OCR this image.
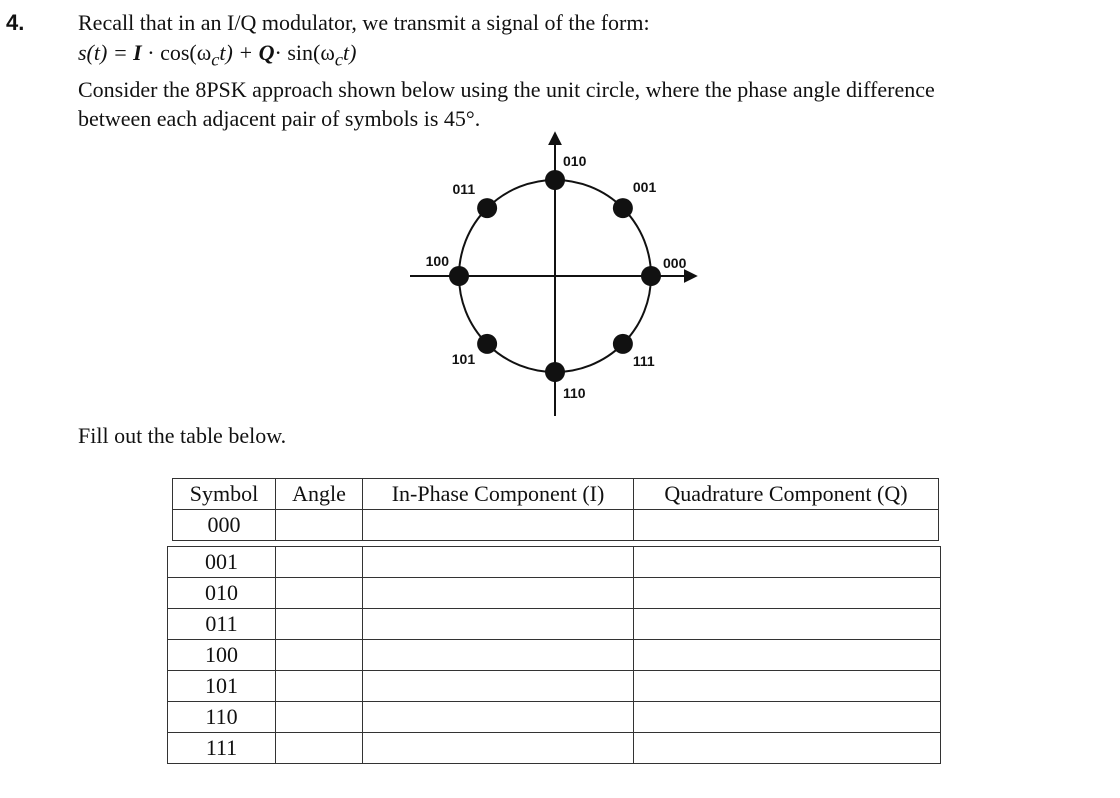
4. Recall that in an I/Q modulator, we transmit a signal of the form:
$s(t) = I \cdot \cos(\omega_ct) + Q\cdot \sin(\omega_ct)$
Consider the 8PSK approach shown below using the unit circle, where the phase angle difference
between each adjacent pair of symbols is 45°.
000
001
010
011
100
101
110
111
Fill out the table below.
Symbol	Angle	In-Phase Component (I)	Quadrature Component (Q)
000			
001			
010			
011			
100			
101			
110			
111			
